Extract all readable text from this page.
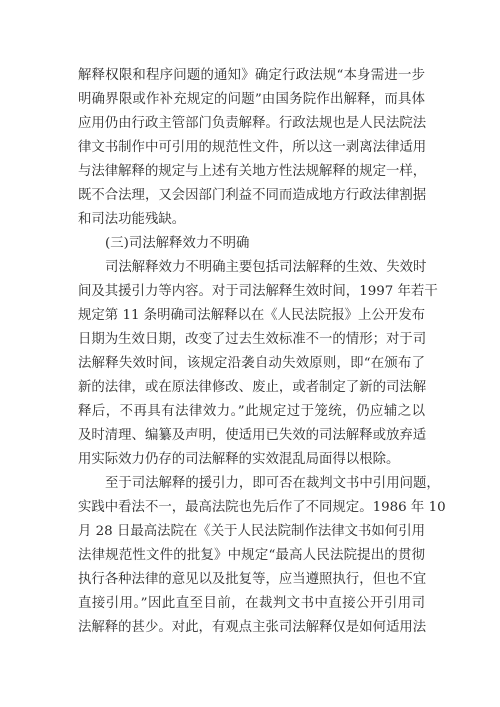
解释权限和程序问题的通知》确定行政法规“本身需进一步
明确界限或作补充规定的问题”由国务院作出解释，而具体
应用仍由行政主管部门负责解释。行政法规也是人民法院法
律文书制作中可引用的规范性文件，所以这一剥离法律适用
与法律解释的规定与上述有关地方性法规解释的规定一样，
既不合法理，又会因部门利益不同而造成地方行政法律割据
和司法功能残缺。
(三)司法解释效力不明确
司法解释效力不明确主要包括司法解释的生效、失效时
间及其援引力等内容。对于司法解释生效时间，1997 年若干
规定第 11 条明确司法解释以在《人民法院报》上公开发布
日期为生效日期，改变了过去生效标准不一的情形；对于司
法解释失效时间，该规定沿袭自动失效原则，即“在颁布了
新的法律，或在原法律修改、废止，或者制定了新的司法解
释后，不再具有法律效力。”此规定过于笼统，仍应辅之以
及时清理、编纂及声明，使适用已失效的司法解释或放弃适
用实际效力仍存的司法解释的实效混乱局面得以根除。
至于司法解释的援引力，即可否在裁判文书中引用问题，
实践中看法不一，最高法院也先后作了不同规定。1986 年 10
月 28 日最高法院在《关于人民法院制作法律文书如何引用
法律规范性文件的批复》中规定“最高人民法院提出的贯彻
执行各种法律的意见以及批复等，应当遵照执行，但也不宜
直接引用。”因此直至目前，在裁判文书中直接公开引用司
法解释的甚少。对此，有观点主张司法解释仅是如何适用法
